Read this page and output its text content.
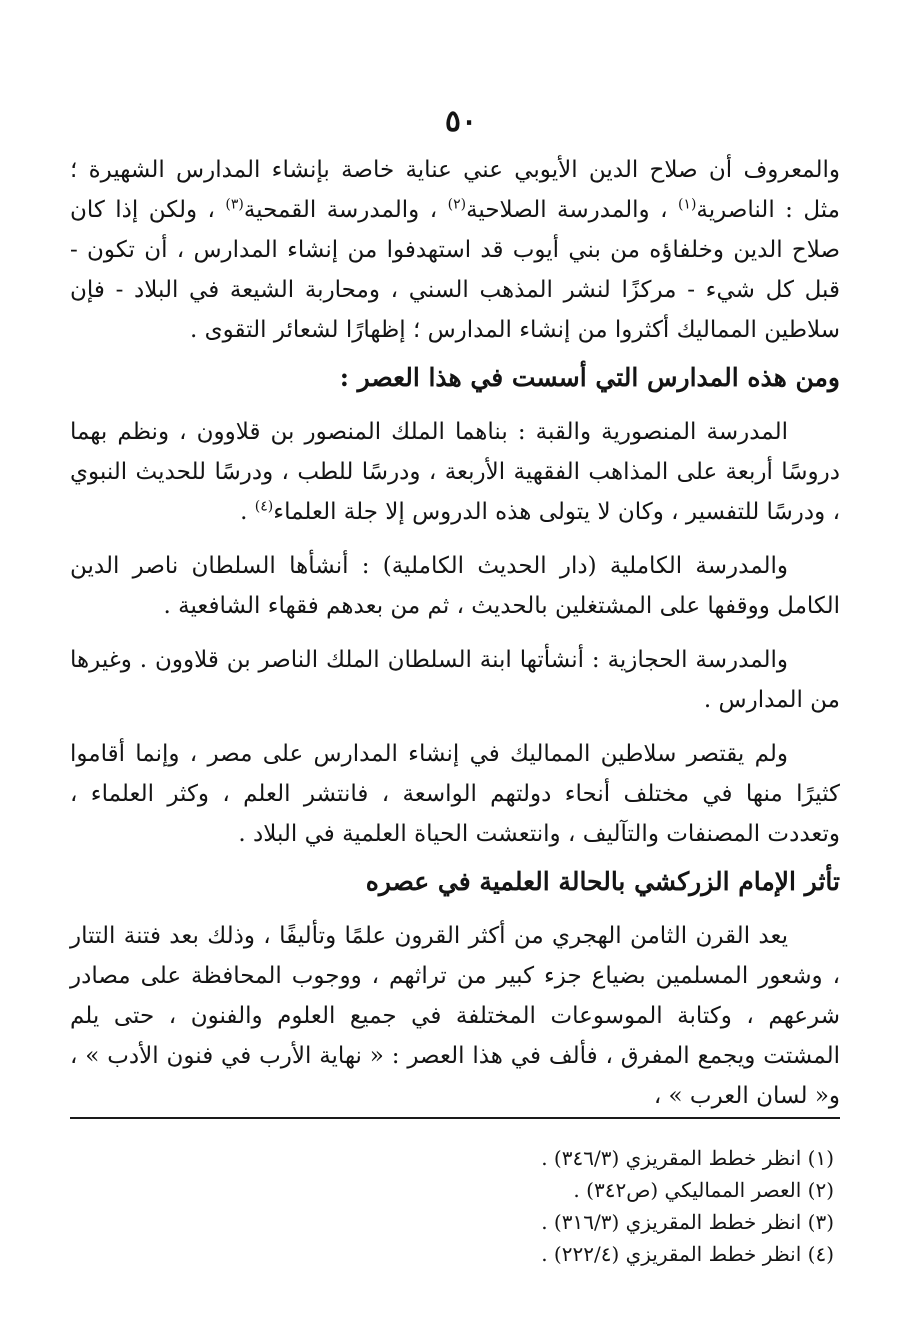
٥٠

والمعروف أن صلاح الدين الأيوبي عني عناية خاصة بإنشاء المدارس الشهيرة ؛ مثل : الناصرية$^{(١)}$ ، والمدرسة الصلاحية$^{(٢)}$ ، والمدرسة القمحية$^{(٣)}$ ، ولكن إذا كان صلاح الدين وخلفاؤه من بني أيوب قد استهدفوا من إنشاء المدارس ، أن تكون - قبل كل شيء - مركزًا لنشر المذهب السني ، ومحاربة الشيعة في البلاد - فإن سلاطين المماليك أكثروا من إنشاء المدارس ؛ إظهارًا لشعائر التقوى .

ومن هذه المدارس التي أسست في هذا العصر :

المدرسة المنصورية والقبة : بناهما الملك المنصور بن قلاوون ، ونظم بهما دروسًا أربعة على المذاهب الفقهية الأربعة ، ودرسًا للطب ، ودرسًا للحديث النبوي ، ودرسًا للتفسير ، وكان لا يتولى هذه الدروس إلا جلة العلماء$^{(٤)}$ .

والمدرسة الكاملية (دار الحديث الكاملية) : أنشأها السلطان ناصر الدين الكامل ووقفها على المشتغلين بالحديث ، ثم من بعدهم فقهاء الشافعية .

والمدرسة الحجازية : أنشأتها ابنة السلطان الملك الناصر بن قلاوون . وغيرها من المدارس .

ولم يقتصر سلاطين المماليك في إنشاء المدارس على مصر ، وإنما أقاموا كثيرًا منها في مختلف أنحاء دولتهم الواسعة ، فانتشر العلم ، وكثر العلماء ، وتعددت المصنفات والتآليف ، وانتعشت الحياة العلمية في البلاد .

تأثر الإمام الزركشي بالحالة العلمية في عصره

يعد القرن الثامن الهجري من أكثر القرون علمًا وتأليفًا ، وذلك بعد فتنة التتار ، وشعور المسلمين بضياع جزء كبير من تراثهم ، ووجوب المحافظة على مصادر شرعهم ، وكتابة الموسوعات المختلفة في جميع العلوم والفنون ، حتى يلم المشتت ويجمع المفرق ، فألف في هذا العصر : « نهاية الأرب في فنون الأدب » ، و« لسان العرب » ،

(١) انظر خطط المقريزي (٣٤٦/٣) .

(٢) العصر المماليكي (ص٣٤٢) .

(٣) انظر خطط المقريزي (٣١٦/٣) .

(٤) انظر خطط المقريزي (٢٢٢/٤) .
